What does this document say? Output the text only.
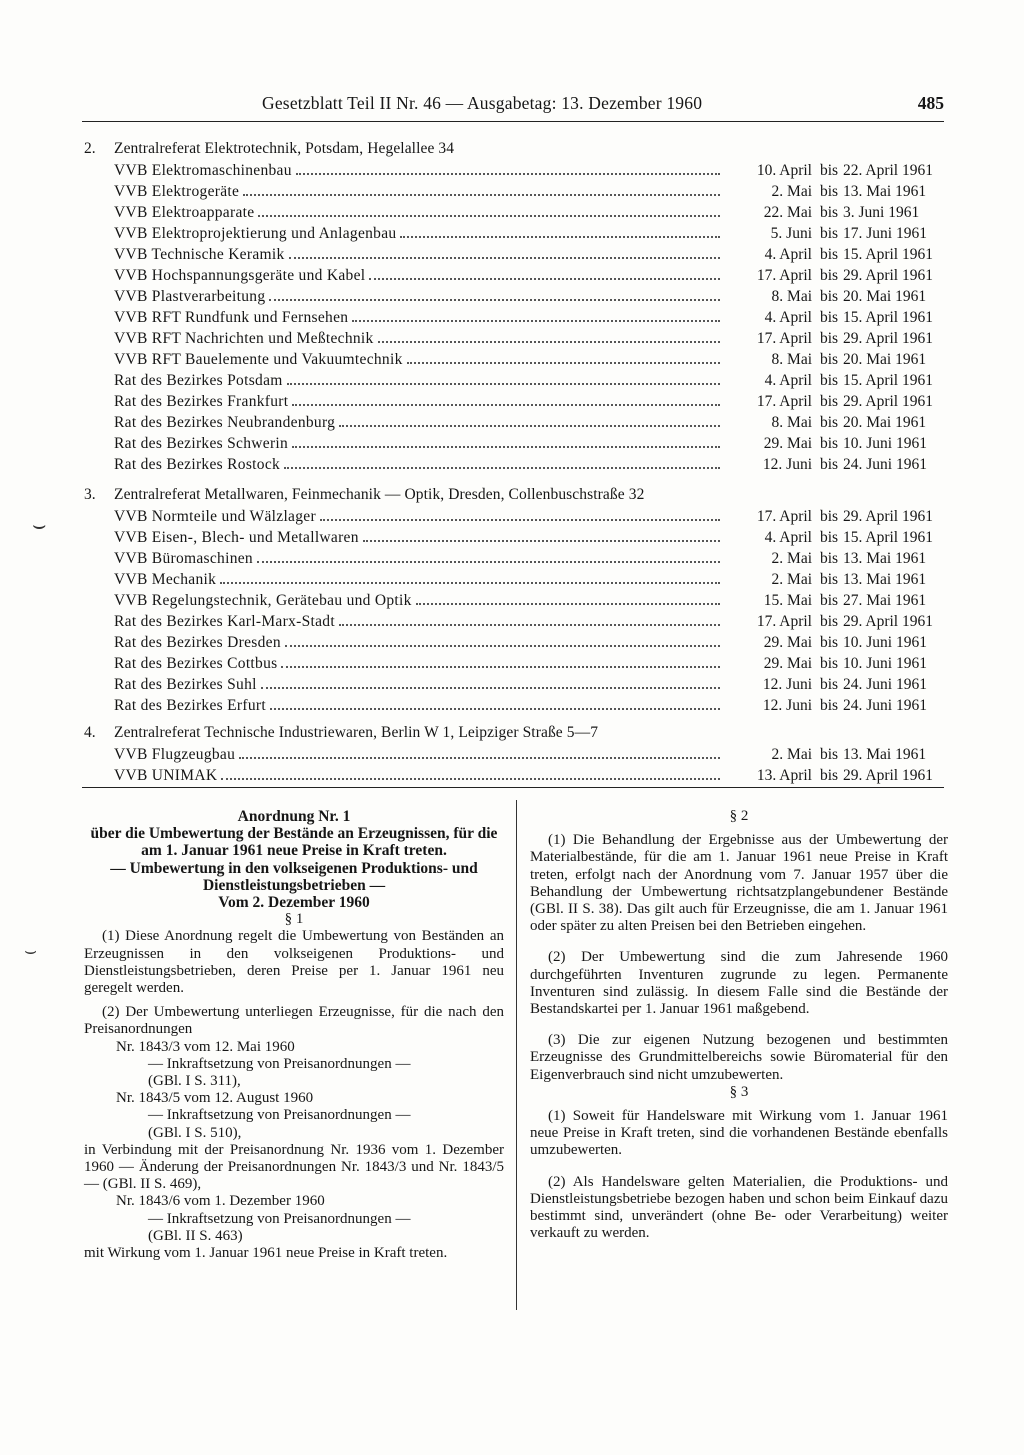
Gesetzblatt Teil II Nr. 46 — Ausgabetag: 13. Dezember 1960	485
2. Zentralreferat Elektrotechnik, Potsdam, Hegelallee 34
VVB Elektromaschinenbau	10. April bis 22. April 1961
VVB Elektrogeräte	2. Mai bis 13. Mai 1961
VVB Elektroapparate	22. Mai bis 3. Juni 1961
VVB Elektroprojektierung und Anlagenbau	5. Juni bis 17. Juni 1961
VVB Technische Keramik	4. April bis 15. April 1961
VVB Hochspannungsgeräte und Kabel	17. April bis 29. April 1961
VVB Plastverarbeitung	8. Mai bis 20. Mai 1961
VVB RFT Rundfunk und Fernsehen	4. April bis 15. April 1961
VVB RFT Nachrichten und Meßtechnik	17. April bis 29. April 1961
VVB RFT Bauelemente und Vakuumtechnik	8. Mai bis 20. Mai 1961
Rat des Bezirkes Potsdam	4. April bis 15. April 1961
Rat des Bezirkes Frankfurt	17. April bis 29. April 1961
Rat des Bezirkes Neubrandenburg	8. Mai bis 20. Mai 1961
Rat des Bezirkes Schwerin	29. Mai bis 10. Juni 1961
Rat des Bezirkes Rostock	12. Juni bis 24. Juni 1961
3. Zentralreferat Metallwaren, Feinmechanik — Optik, Dresden, Collenbuschstraße 32
VVB Normteile und Wälzlager	17. April bis 29. April 1961
VVB Eisen-, Blech- und Metallwaren	4. April bis 15. April 1961
VVB Büromaschinen	2. Mai bis 13. Mai 1961
VVB Mechanik	2. Mai bis 13. Mai 1961
VVB Regelungstechnik, Gerätebau und Optik	15. Mai bis 27. Mai 1961
Rat des Bezirkes Karl-Marx-Stadt	17. April bis 29. April 1961
Rat des Bezirkes Dresden	29. Mai bis 10. Juni 1961
Rat des Bezirkes Cottbus	29. Mai bis 10. Juni 1961
Rat des Bezirkes Suhl	12. Juni bis 24. Juni 1961
Rat des Bezirkes Erfurt	12. Juni bis 24. Juni 1961
4. Zentralreferat Technische Industriewaren, Berlin W 1, Leipziger Straße 5—7
VVB Flugzeugbau	2. Mai bis 13. Mai 1961
VVB UNIMAK	13. April bis 29. April 1961

Anordnung Nr. 1

über die Umbewertung der Bestände an Erzeugnissen, für die am 1. Januar 1961 neue Preise in Kraft treten.

— Umbewertung in den volkseigenen Produktions- und Dienstleistungsbetrieben —

Vom 2. Dezember 1960

§ 1

(1) Diese Anordnung regelt die Umbewertung von Beständen an Erzeugnissen in den volkseigenen Produktions- und Dienstleistungsbetrieben, deren Preise per 1. Januar 1961 neu geregelt werden.

(2) Der Umbewertung unterliegen Erzeugnisse, für die nach den Preisanordnungen

Nr. 1843/3 vom 12. Mai 1960

— Inkraftsetzung von Preisanordnungen —

(GBl. I S. 311),

Nr. 1843/5 vom 12. August 1960

— Inkraftsetzung von Preisanordnungen —

(GBl. I S. 510),

in Verbindung mit der Preisanordnung Nr. 1936 vom 1. Dezember 1960 — Änderung der Preisanordnungen Nr. 1843/3 und Nr. 1843/5 — (GBl. II S. 469),

Nr. 1843/6 vom 1. Dezember 1960

— Inkraftsetzung von Preisanordnungen —

(GBl. II S. 463)

mit Wirkung vom 1. Januar 1961 neue Preise in Kraft treten.

§ 2

(1) Die Behandlung der Ergebnisse aus der Umbewertung der Materialbestände, für die am 1. Januar 1961 neue Preise in Kraft treten, erfolgt nach der Anordnung vom 7. Januar 1957 über die Behandlung der Umbewertung richtsatzplangebundener Bestände (GBl. II S. 38). Das gilt auch für Erzeugnisse, die am 1. Januar 1961 oder später zu alten Preisen bei den Betrieben eingehen.

(2) Der Umbewertung sind die zum Jahresende 1960 durchgeführten Inventuren zugrunde zu legen. Permanente Inventuren sind zulässig. In diesem Falle sind die Bestände der Bestandskartei per 1. Januar 1961 maßgebend.

(3) Die zur eigenen Nutzung bezogenen und bestimmten Erzeugnisse des Grundmittelbereichs sowie Büromaterial für den Eigenverbrauch sind nicht umzubewerten.

§ 3

(1) Soweit für Handelsware mit Wirkung vom 1. Januar 1961 neue Preise in Kraft treten, sind die vorhandenen Bestände ebenfalls umzubewerten.

(2) Als Handelsware gelten Materialien, die Produktions- und Dienstleistungsbetriebe bezogen haben und schon beim Einkauf dazu bestimmt sind, unverändert (ohne Be- oder Verarbeitung) weiter verkauft zu werden.

⌣
⌣
